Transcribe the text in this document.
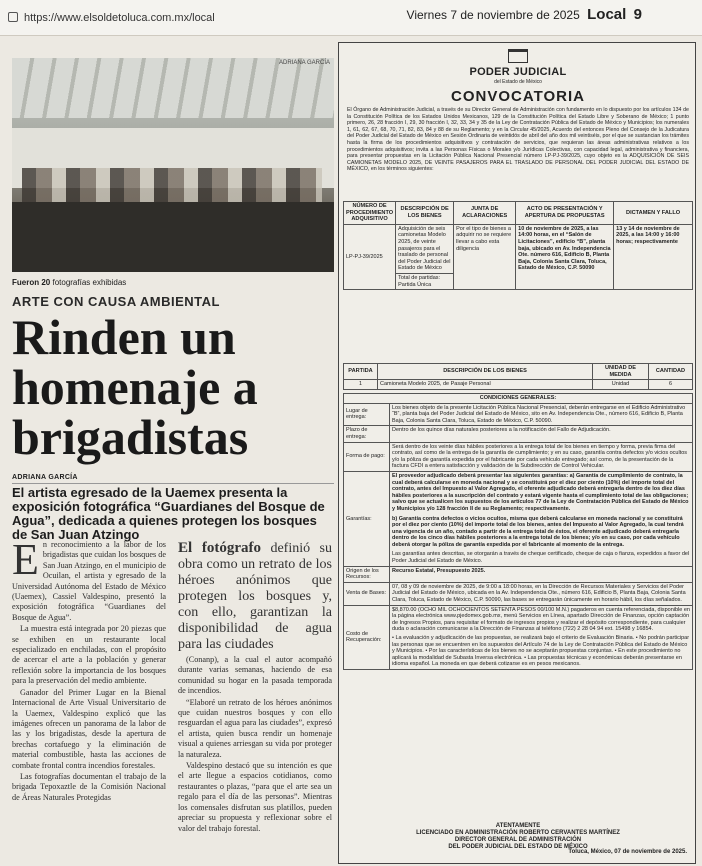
https://www.elsoldetoluca.com.mx/local	Viernes 7 de noviembre de 2025 Local 9
ADRIANA GARCÍA
Fueron 20 fotografías exhibidas
ARTE CON CAUSA AMBIENTAL
Rinden un homenaje a brigadistas
ADRIANA GARCÍA
El artista egresado de la Uaemex presenta la exposición fotográfica “Guardianes del Bosque de Agua”, dedicada a quienes protegen los bosques de San Juan Atzingo

En reconocimiento a la labor de los brigadistas que cuidan los bosques de San Juan Atzingo, en el municipio de Ocuilan, el artista y egresado de la Universidad Autónoma del Estado de México (Uaemex), Cassiel Valdespino, presentó la exposición fotográfica “Guardianes del Bosque de Agua”.

La muestra está integrada por 20 piezas que se exhiben en un restaurante local especializado en enchiladas, con el propósito de acercar el arte a la población y generar reflexión sobre la importancia de los bosques para la preservación del medio ambiente.

Ganador del Primer Lugar en la Bienal Internacional de Arte Visual Universitario de la Uaemex, Valdespino explicó que las imágenes ofrecen un panorama de la labor de las y los brigadistas, desde la apertura de brechas cortafuego y la eliminación de material combustible, hasta las acciones de combate frontal contra incendios forestales.

Las fotografías documentan el trabajo de la brigada Tepoxaztle de la Comisión Nacional de Áreas Naturales Protegidas

El fotógrafo definió su obra como un retrato de los héroes anónimos que protegen los bosques y, con ello, garantizan la disponibilidad de agua para las ciudades

(Conanp), a la cual el autor acompañó durante varias semanas, haciendo de esa comunidad su hogar en la pasada temporada de incendios.

“Elaboré un retrato de los héroes anónimos que cuidan nuestros bosques y con ello resguardan el agua para las ciudades”, expresó el artista, quien busca rendir un homenaje visual a quienes arriesgan su vida por proteger la naturaleza.

Valdespino destacó que su intención es que el arte llegue a espacios cotidianos, como restaurantes o plazas, “para que el arte sea un regalo para el día de las personas”. Mientras los comensales disfrutan sus platillos, pueden apreciar su propuesta y reflexionar sobre el valor del trabajo forestal.

PODER JUDICIAL
del Estado de México
CONVOCATORIA
El Órgano de Administración Judicial, a través de su Director General de Administración con fundamento en lo dispuesto por los artículos 134 de la Constitución Política de los Estados Unidos Mexicanos, 129 de la Constitución Política del Estado Libre y Soberano de México; 1 punto primero, 26, 28 fracción I, 29, 30 fracción I, 32, 33, 34 y 35 de la Ley de Contratación Pública del Estado de México y Municipios; los numerales 1, 61, 62, 67, 68, 70, 71, 82, 83, 84 y 88 de su Reglamento; y en la Circular 45/2025, Acuerdo del entonces Pleno del Consejo de la Judicatura del Poder Judicial del Estado de México en Sesión Ordinaria de veintidós de abril del año dos mil veintiséis, por el que se sustancian los trámites hasta la firma de los procedimientos adquisitivos y contratación de servicios, que requieran las áreas administrativas relativos a los procedimientos adquisitivos; invita a las Personas Físicas o Morales y/o Jurídicas Colectivas, con capacidad legal, administrativa y financiera, para presentar propuestas en la Licitación Pública Nacional Presencial número LP-PJ-39/2025, cuyo objeto es la ADQUISICIÓN DE SEIS CAMIONETAS MODELO 2025, DE VEINTE PASAJEROS PARA EL TRASLADO DE PERSONAL DEL PODER JUDICIAL DEL ESTADO DE MÉXICO, en los términos siguientes:
NÚMERO DE PROCEDIMIENTO ADQUISITIVO	DESCRIPCIÓN DE LOS BIENES	JUNTA DE ACLARACIONES	ACTO DE PRESENTACIÓN Y APERTURA DE PROPUESTAS	DICTAMEN Y FALLO
LP-PJ-39/2025	Adquisición de seis camionetas Modelo 2025, de veinte pasajeros para el traslado de personal del Poder Judicial del Estado de México	Por el tipo de bienes a adquirir no se requiere llevar a cabo esta diligencia	10 de noviembre de 2025, a las 14:00 horas, en el “Salón de Licitaciones”, edificio “B”, planta baja, ubicado en Av. Independencia Ote. número 616, Edificio B, Planta Baja, Colonia Santa Clara, Toluca, Estado de México, C.P. 50090	13 y 14 de noviembre de 2025, a las 14:00 y 16:00 horas; respectivamente
	Total de partidas: Partida Única			
PARTIDA	DESCRIPCIÓN DE LOS BIENES	UNIDAD DE MEDIDA	CANTIDAD
1	Camioneta Modelo 2025, de Pasaje Personal	Unidad	6
CONDICIONES GENERALES:	
Lugar de entrega:	Los bienes objeto de la presente Licitación Pública Nacional Presencial, deberán entregarse en el Edificio Administrativo “B”, planta baja del Poder Judicial del Estado de México, sito en Av. Independencia Ote., número 616, Edificio B, Planta Baja, Colonia Santa Clara, Toluca, Estado de México, C.P. 50090.
Plazo de entrega:	Dentro de los quince días naturales posteriores a la notificación del Fallo de Adjudicación.
Forma de pago:	Será dentro de los veinte días hábiles posteriores a la entrega total de los bienes en tiempo y forma, previa firma del contrato, así como de la entrega de la garantía de cumplimiento; y en su caso, garantía contra defectos y/o vicios ocultos y/o la póliza de garantía expedida por el fabricante por cada vehículo entregado; así como, de la presentación de la factura CFDI a entera satisfacción y validación de la Subdirección de Control Vehicular.
Garantías:	El proveedor adjudicado deberá presentar las siguientes garantías: a) Garantía de cumplimiento de contrato, la cual deberá calcularse en moneda nacional y se constituirá por el diez por ciento (10%) del importe total del contrato, antes del Impuesto al Valor Agregado, el oferente adjudicado deberá entregarla dentro de los diez días hábiles posteriores a la suscripción del contrato y estará vigente hasta el cumplimiento total de las obligaciones; salvo que se actualicen los supuestos de los artículos 77 de la Ley de Contratación Pública del Estado de México y Municipios y/o 128 fracción II de su Reglamento; respectivamente.
b) Garantía contra defectos o vicios ocultos, misma que deberá calcularse en moneda nacional y se constituirá por el diez por ciento (10%) del importe total de los bienes, antes del Impuesto al Valor Agregado, la cual tendrá una vigencia de un año, contado a partir de la entrega total de éstos, el oferente adjudicado deberá entregarla dentro de los cinco días hábiles posteriores a la entrega total de los bienes; y/o en su caso, por cada vehículo deberá otorgar la póliza de garantía expedida por el fabricante al momento de la entrega.
Las garantías antes descritas, se otorgarán a través de cheque certificado, cheque de caja o fianza, expedidos a favor del Poder Judicial del Estado de México.

Origen de los Recursos:	Recurso Estatal, Presupuesto 2025.
Venta de Bases:	07, 08 y 09 de noviembre de 2025, de 9:00 a 18:00 horas, en la Dirección de Recursos Materiales y Servicios del Poder Judicial del Estado de México, ubicada en la Av. Independencia Ote., número 616, Edificio B, Planta Baja, Colonia Santa Clara, Toluca, Estado de México, C.P. 50090, las bases se entregarán únicamente en horario hábil, los días señalados.
Costo de Recuperación:	$8,870.00 (OCHO MIL OCHOCIENTOS SETENTA PESOS 00/100 M.N.) pagaderos en cuenta referenciada, disponible en la página electrónica www.pjedomex.gob.mx, menú Servicios en Línea, apartado Dirección de Finanzas, opción captación de Ingresos Propios, para requisitar el formato de ingresos propios y realizar el depósito correspondiente, para cualquier duda o aclaración comunicarse a la Dirección de Finanzas al teléfono (722) 2 28 04 94 ext. 15498 y 16854.
• La evaluación y adjudicación de las propuestas, se realizará bajo el criterio de Evaluación Binaria. • No podrán participar las personas que se encuentren en los supuestos del Artículo 74 de la Ley de Contratación Pública del Estado de México y Municipios. • Por las características de los bienes no se aceptarán propuestas conjuntas. • En este procedimiento no aplicará la modalidad de Subasta Inversa electrónica. • Las propuestas técnicas y económicas deberán presentarse en idioma español. La moneda en que deberá cotizarse es en pesos mexicanos.
ATENTAMENTE
LICENCIADO EN ADMINISTRACIÓN ROBERTO CERVANTES MARTÍNEZ
DIRECTOR GENERAL DE ADMINISTRACIÓN
DEL PODER JUDICIAL DEL ESTADO DE MÉXICO
Toluca, México, 07 de noviembre de 2025.
